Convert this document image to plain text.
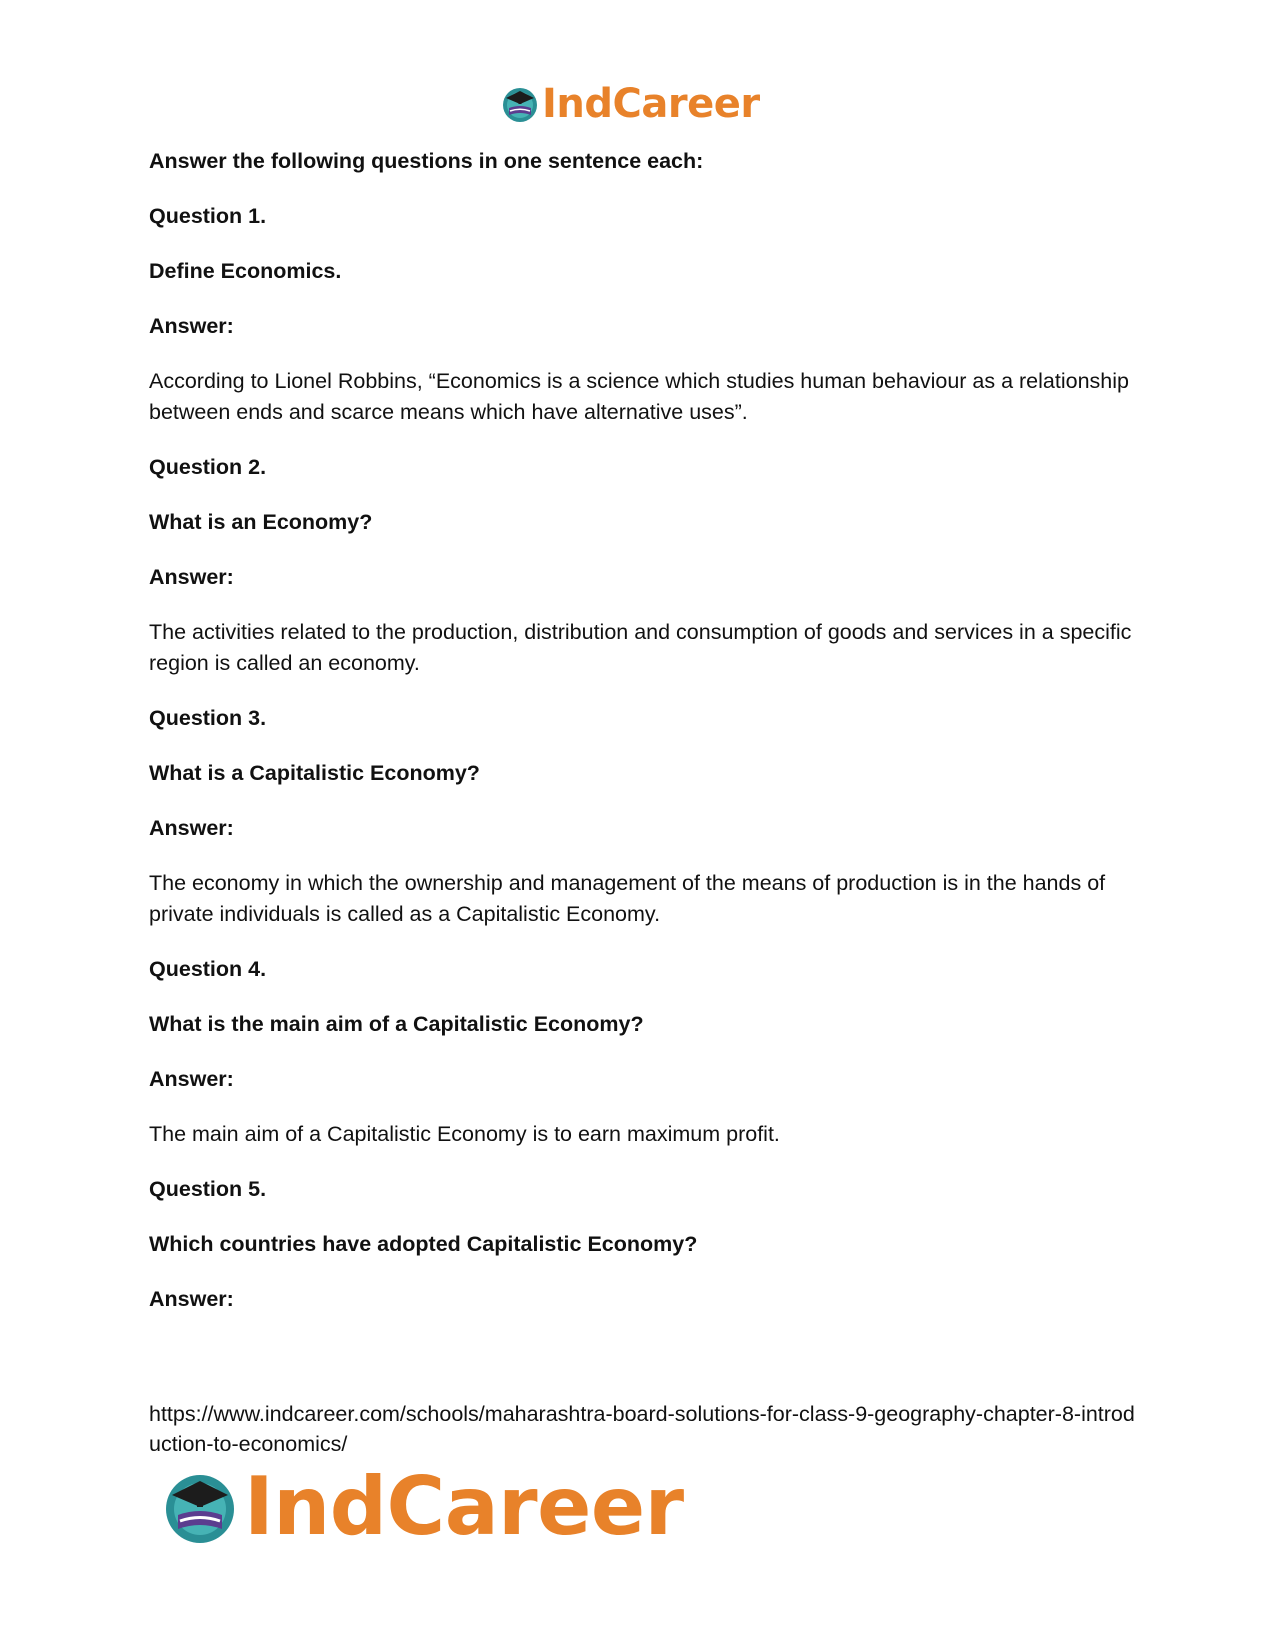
IndCareer

Answer the following questions in one sentence each:

Question 1.

Define Economics.

Answer:

According to Lionel Robbins, “Economics is a science which studies human behaviour as a relationship between ends and scarce means which have alternative uses”.

Question 2.

What is an Economy?

Answer:

The activities related to the production, distribution and consumption of goods and services in a specific region is called an economy.

Question 3.

What is a Capitalistic Economy?

Answer:

The economy in which the ownership and management of the means of production is in the hands of private individuals is called as a Capitalistic Economy.

Question 4.

What is the main aim of a Capitalistic Economy?

Answer:

The main aim of a Capitalistic Economy is to earn maximum profit.

Question 5.

Which countries have adopted Capitalistic Economy?

Answer:

https://www.indcareer.com/schools/maharashtra-board-solutions-for-class-9-geography-chapter-8-introduction-to-economics/
IndCareer
